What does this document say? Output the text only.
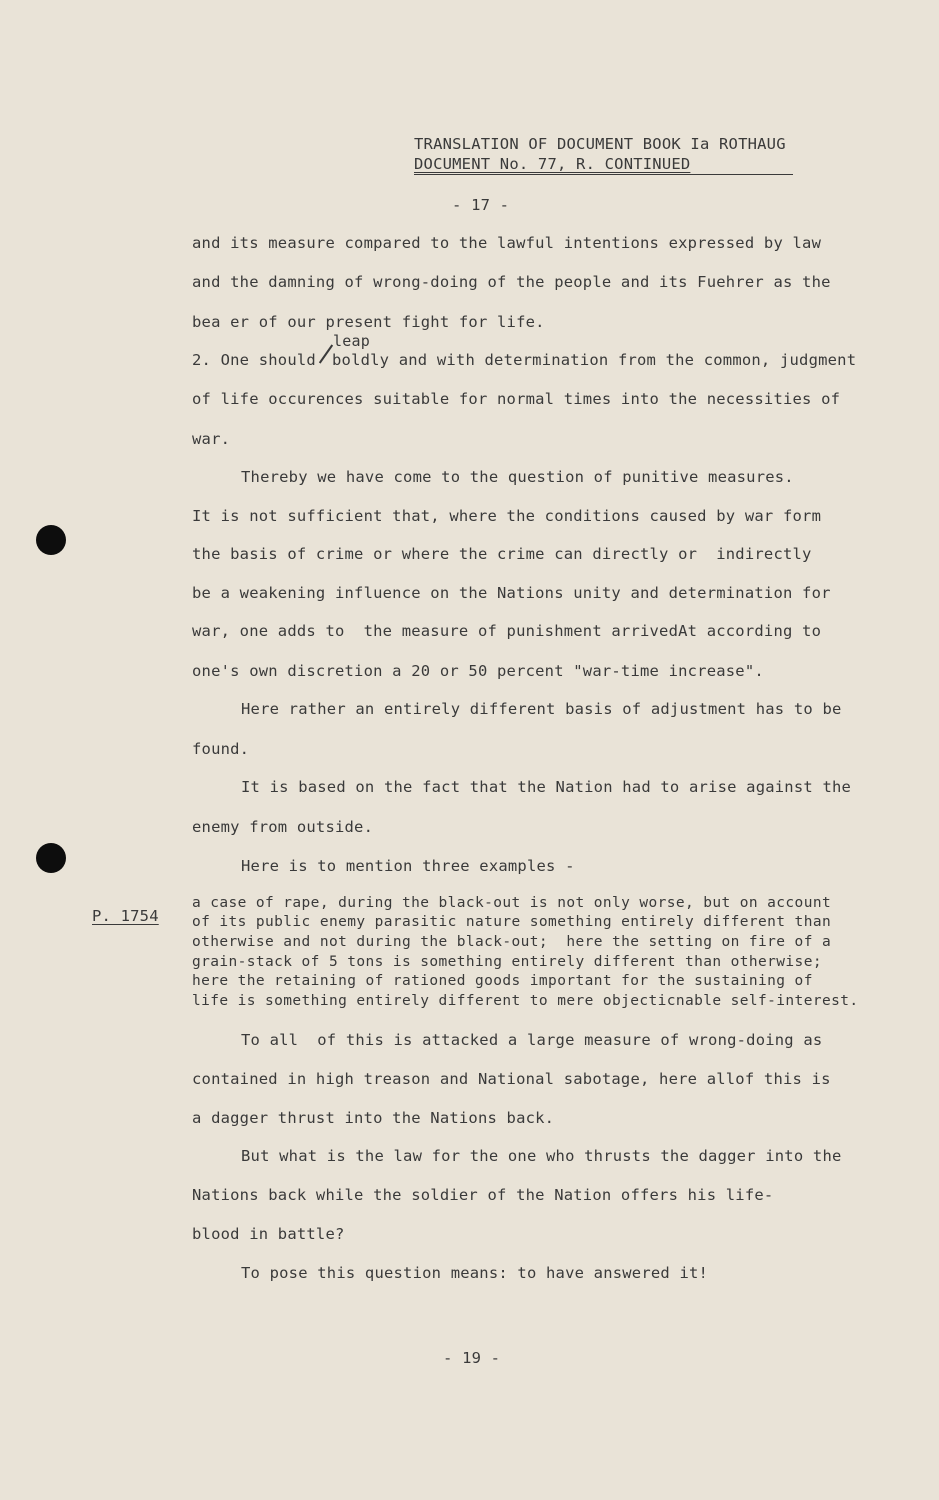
TRANSLATION OF DOCUMENT BOOK Ia ROTHAUG
DOCUMENT No. 77, R. CONTINUED
- 17 -
and its measure compared to the lawful intentions expressed by law
and the damning of wrong-doing of the people and its Fuehrer as the
bea er of our present fight for life.
leap
2. One should boldly and with determination from the common, judgment
of life occurences suitable for normal times into the necessities of
war.
Thereby we have come to the question of punitive measures.
It is not sufficient that, where the conditions caused by war form
the basis of crime or where the crime can directly or  indirectly
be a weakening influence on the Nations unity and determination for
war, one adds to  the measure of punishment arrivedAt according to
one's own discretion a 20 or 50 percent "war-time increase".
Here rather an entirely different basis of adjustment has to be
found.
It is based on the fact that the Nation had to arise against the
enemy from outside.
Here is to mention three examples -
P. 1754
a case of rape, during the black-out is not only worse, but on account
of its public enemy parasitic nature something entirely different than
otherwise and not during the black-out;  here the setting on fire of a
grain-stack of 5 tons is something entirely different than otherwise;
here the retaining of rationed goods important for the sustaining of
life is something entirely different to mere objecticnable self-interest.
To all  of this is attacked a large measure of wrong-doing as
contained in high treason and National sabotage, here allof this is
a dagger thrust into the Nations back.
But what is the law for the one who thrusts the dagger into the
Nations back while the soldier of the Nation offers his life-
blood in battle?
To pose this question means: to have answered it!
- 19 -
